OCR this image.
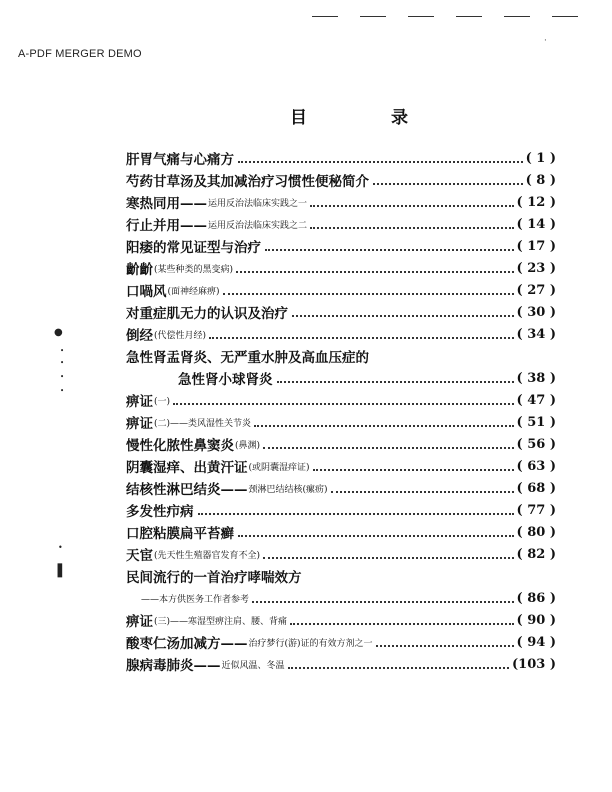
A-PDF MERGER DEMO
·
目	录
●
•
•
•
•
•
❚
肝胃气痛与心痛方	( 1 )
芍药甘草汤及其加减治疗习惯性便秘简介	( 8 )
寒热同用—— 运用反治法临床实践之一	( 12 )
行止并用—— 运用反治法临床实践之二	( 14 )
阳痿的常见证型与治疗	( 17 )
齘齘 (某些种类的黑变病)	( 23 )
口喎风 (面神经麻痹)	( 27 )
对重症肌无力的认识及治疗	( 30 )
倒经 (代偿性月经)	( 34 )
急性肾盂肾炎、无严重水肿及高血压症的
急性肾小球肾炎	( 38 )
痹证 (一)	( 47 )
痹证 (二)——类风湿性关节炎	( 51 )
慢性化脓性鼻窦炎 (鼻渊)	( 56 )
阴囊湿痒、出黄汗证 (或阴囊湿痒证)	( 63 )
结核性淋巴结炎—— 颈淋巴结结核(瘰疬)	( 68 )
多发性疖病	( 77 )
口腔粘膜扁平苔癣	( 80 )
天宦 (先天性生殖器官发育不全)	( 82 )
民间流行的一首治疗哮喘效方
——本方供医务工作者参考	( 86 )
痹证 (三)——寒湿型痹注肩、腰、背痛	( 90 )
酸枣仁汤加减方—— 治疗梦行(游)证的有效方剂之一	( 94 )
腺病毒肺炎—— 近似风温、冬温	(103 )
